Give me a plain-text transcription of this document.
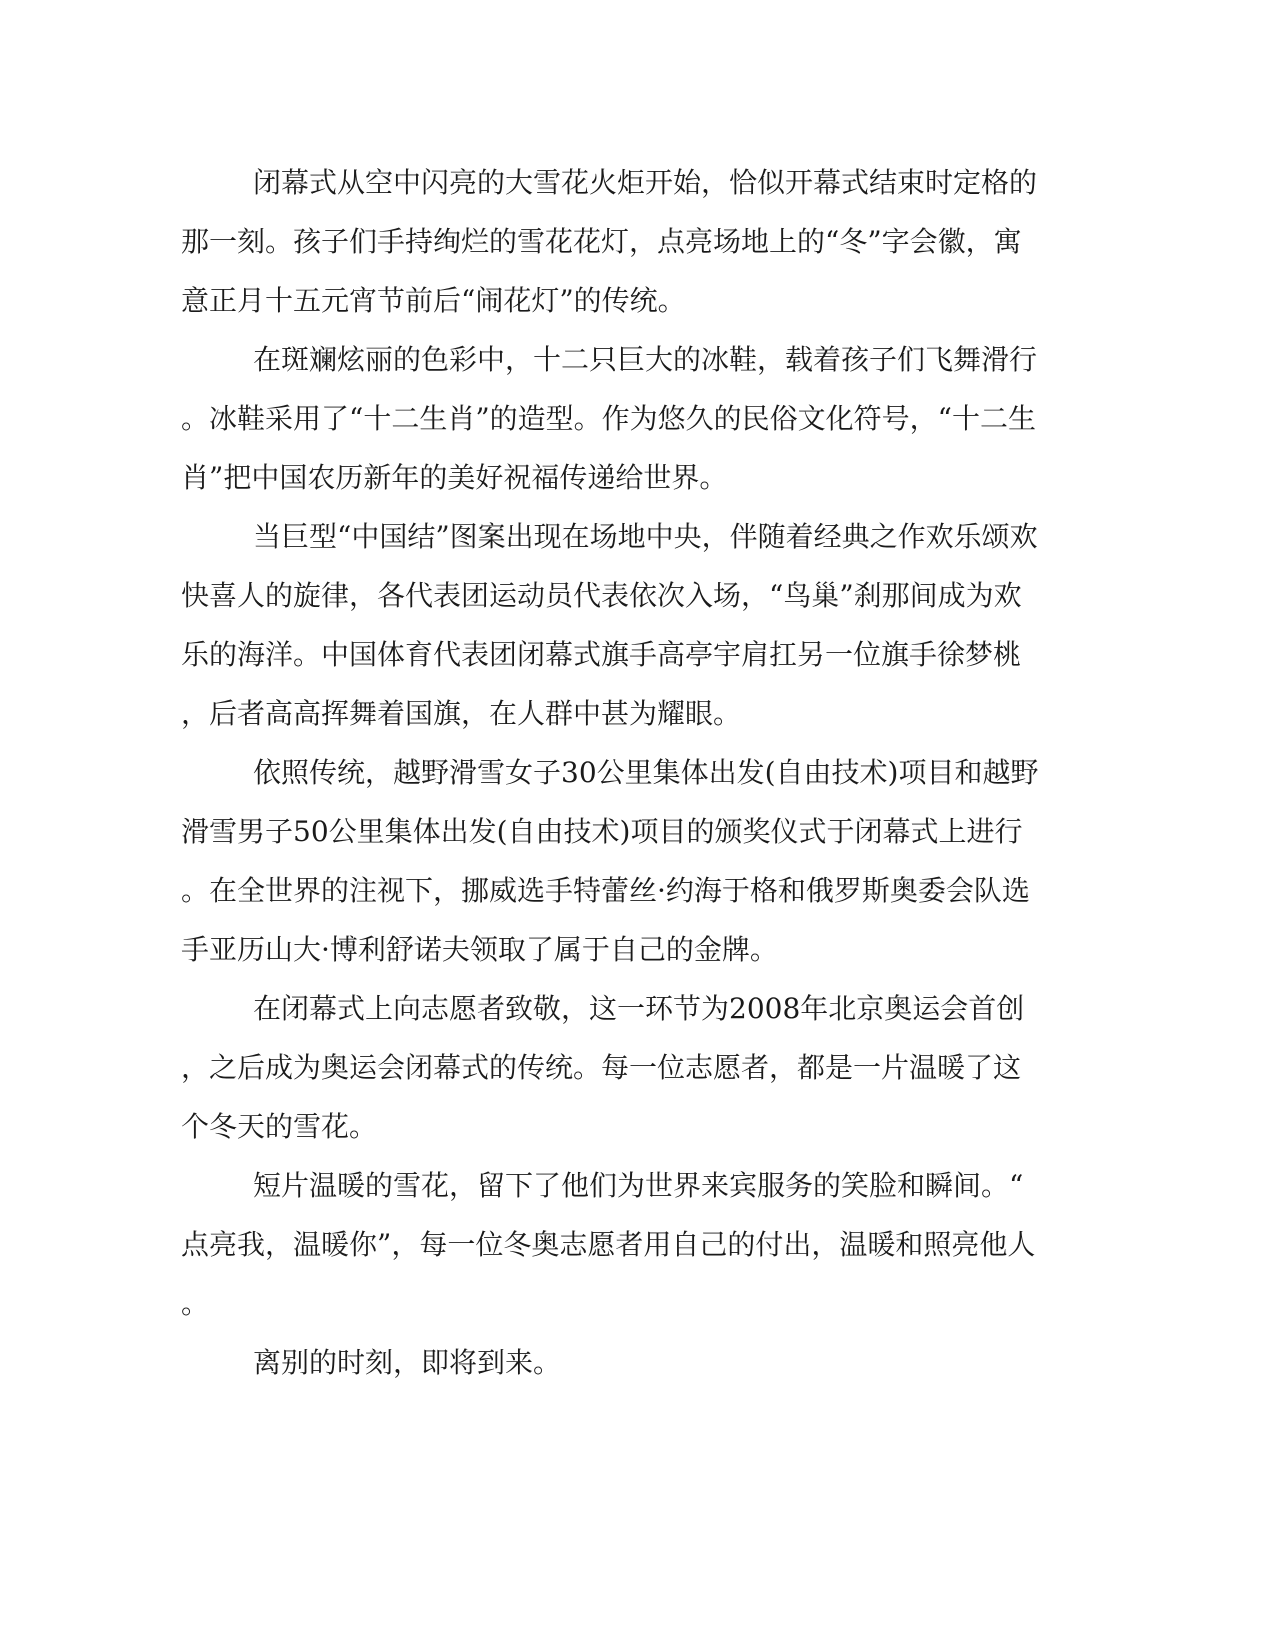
闭幕式从空中闪亮的大雪花火炬开始，恰似开幕式结束时定格的
那一刻。孩子们手持绚烂的雪花花灯，点亮场地上的“冬”字会徽，寓
意正月十五元宵节前后“闹花灯”的传统。
在斑斓炫丽的色彩中，十二只巨大的冰鞋，载着孩子们飞舞滑行
。冰鞋采用了“十二生肖”的造型。作为悠久的民俗文化符号，“十二生
肖”把中国农历新年的美好祝福传递给世界。
当巨型“中国结”图案出现在场地中央，伴随着经典之作欢乐颂欢
快喜人的旋律，各代表团运动员代表依次入场，“鸟巢”刹那间成为欢
乐的海洋。中国体育代表团闭幕式旗手高亭宇肩扛另一位旗手徐梦桃
，后者高高挥舞着国旗，在人群中甚为耀眼。
依照传统，越野滑雪女子30公里集体出发(自由技术)项目和越野
滑雪男子50公里集体出发(自由技术)项目的颁奖仪式于闭幕式上进行
。在全世界的注视下，挪威选手特蕾丝·约海于格和俄罗斯奥委会队选
手亚历山大·博利舒诺夫领取了属于自己的金牌。
在闭幕式上向志愿者致敬，这一环节为2008年北京奥运会首创
，之后成为奥运会闭幕式的传统。每一位志愿者，都是一片温暖了这
个冬天的雪花。
短片温暖的雪花，留下了他们为世界来宾服务的笑脸和瞬间。“
点亮我，温暖你”，每一位冬奥志愿者用自己的付出，温暖和照亮他人
。
离别的时刻，即将到来。
